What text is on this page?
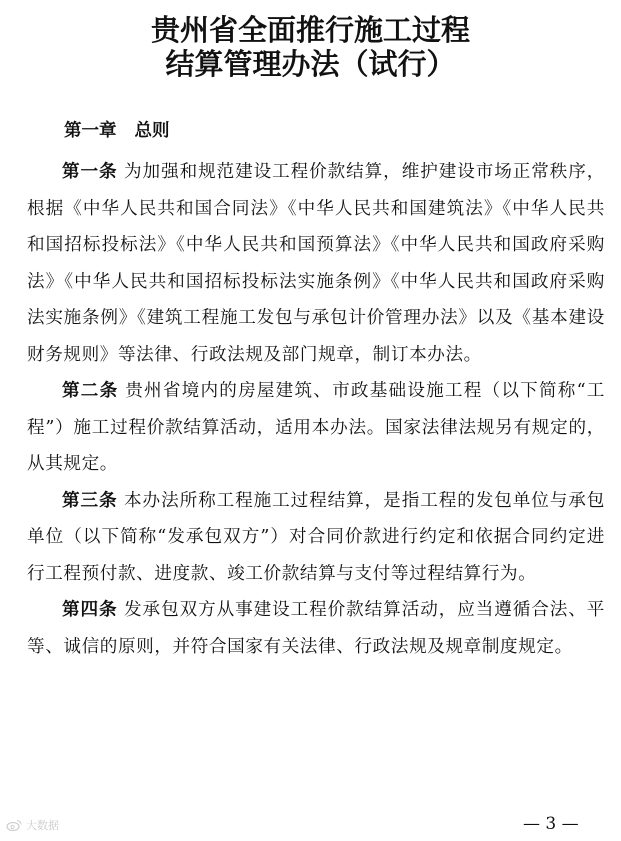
贵州省全面推行施工过程
结算管理办法（试行）
第一章 总则

第一条 为加强和规范建设工程价款结算，维护建设市场正常秩序，根据《中华人民共和国合同法》《中华人民共和国建筑法》《中华人民共和国招标投标法》《中华人民共和国预算法》《中华人民共和国政府采购法》《中华人民共和国招标投标法实施条例》《中华人民共和国政府采购法实施条例》《建筑工程施工发包与承包计价管理办法》以及《基本建设财务规则》等法律、行政法规及部门规章，制订本办法。

第二条 贵州省境内的房屋建筑、市政基础设施工程（以下简称“工程”）施工过程价款结算活动，适用本办法。国家法律法规另有规定的，从其规定。

第三条 本办法所称工程施工过程结算，是指工程的发包单位与承包单位（以下简称“发承包双方”）对合同价款进行约定和依据合同约定进行工程预付款、进度款、竣工价款结算与支付等过程结算行为。

第四条 发承包双方从事建设工程价款结算活动，应当遵循合法、平等、诚信的原则，并符合国家有关法律、行政法规及规章制度规定。

大数据	— 3 —
